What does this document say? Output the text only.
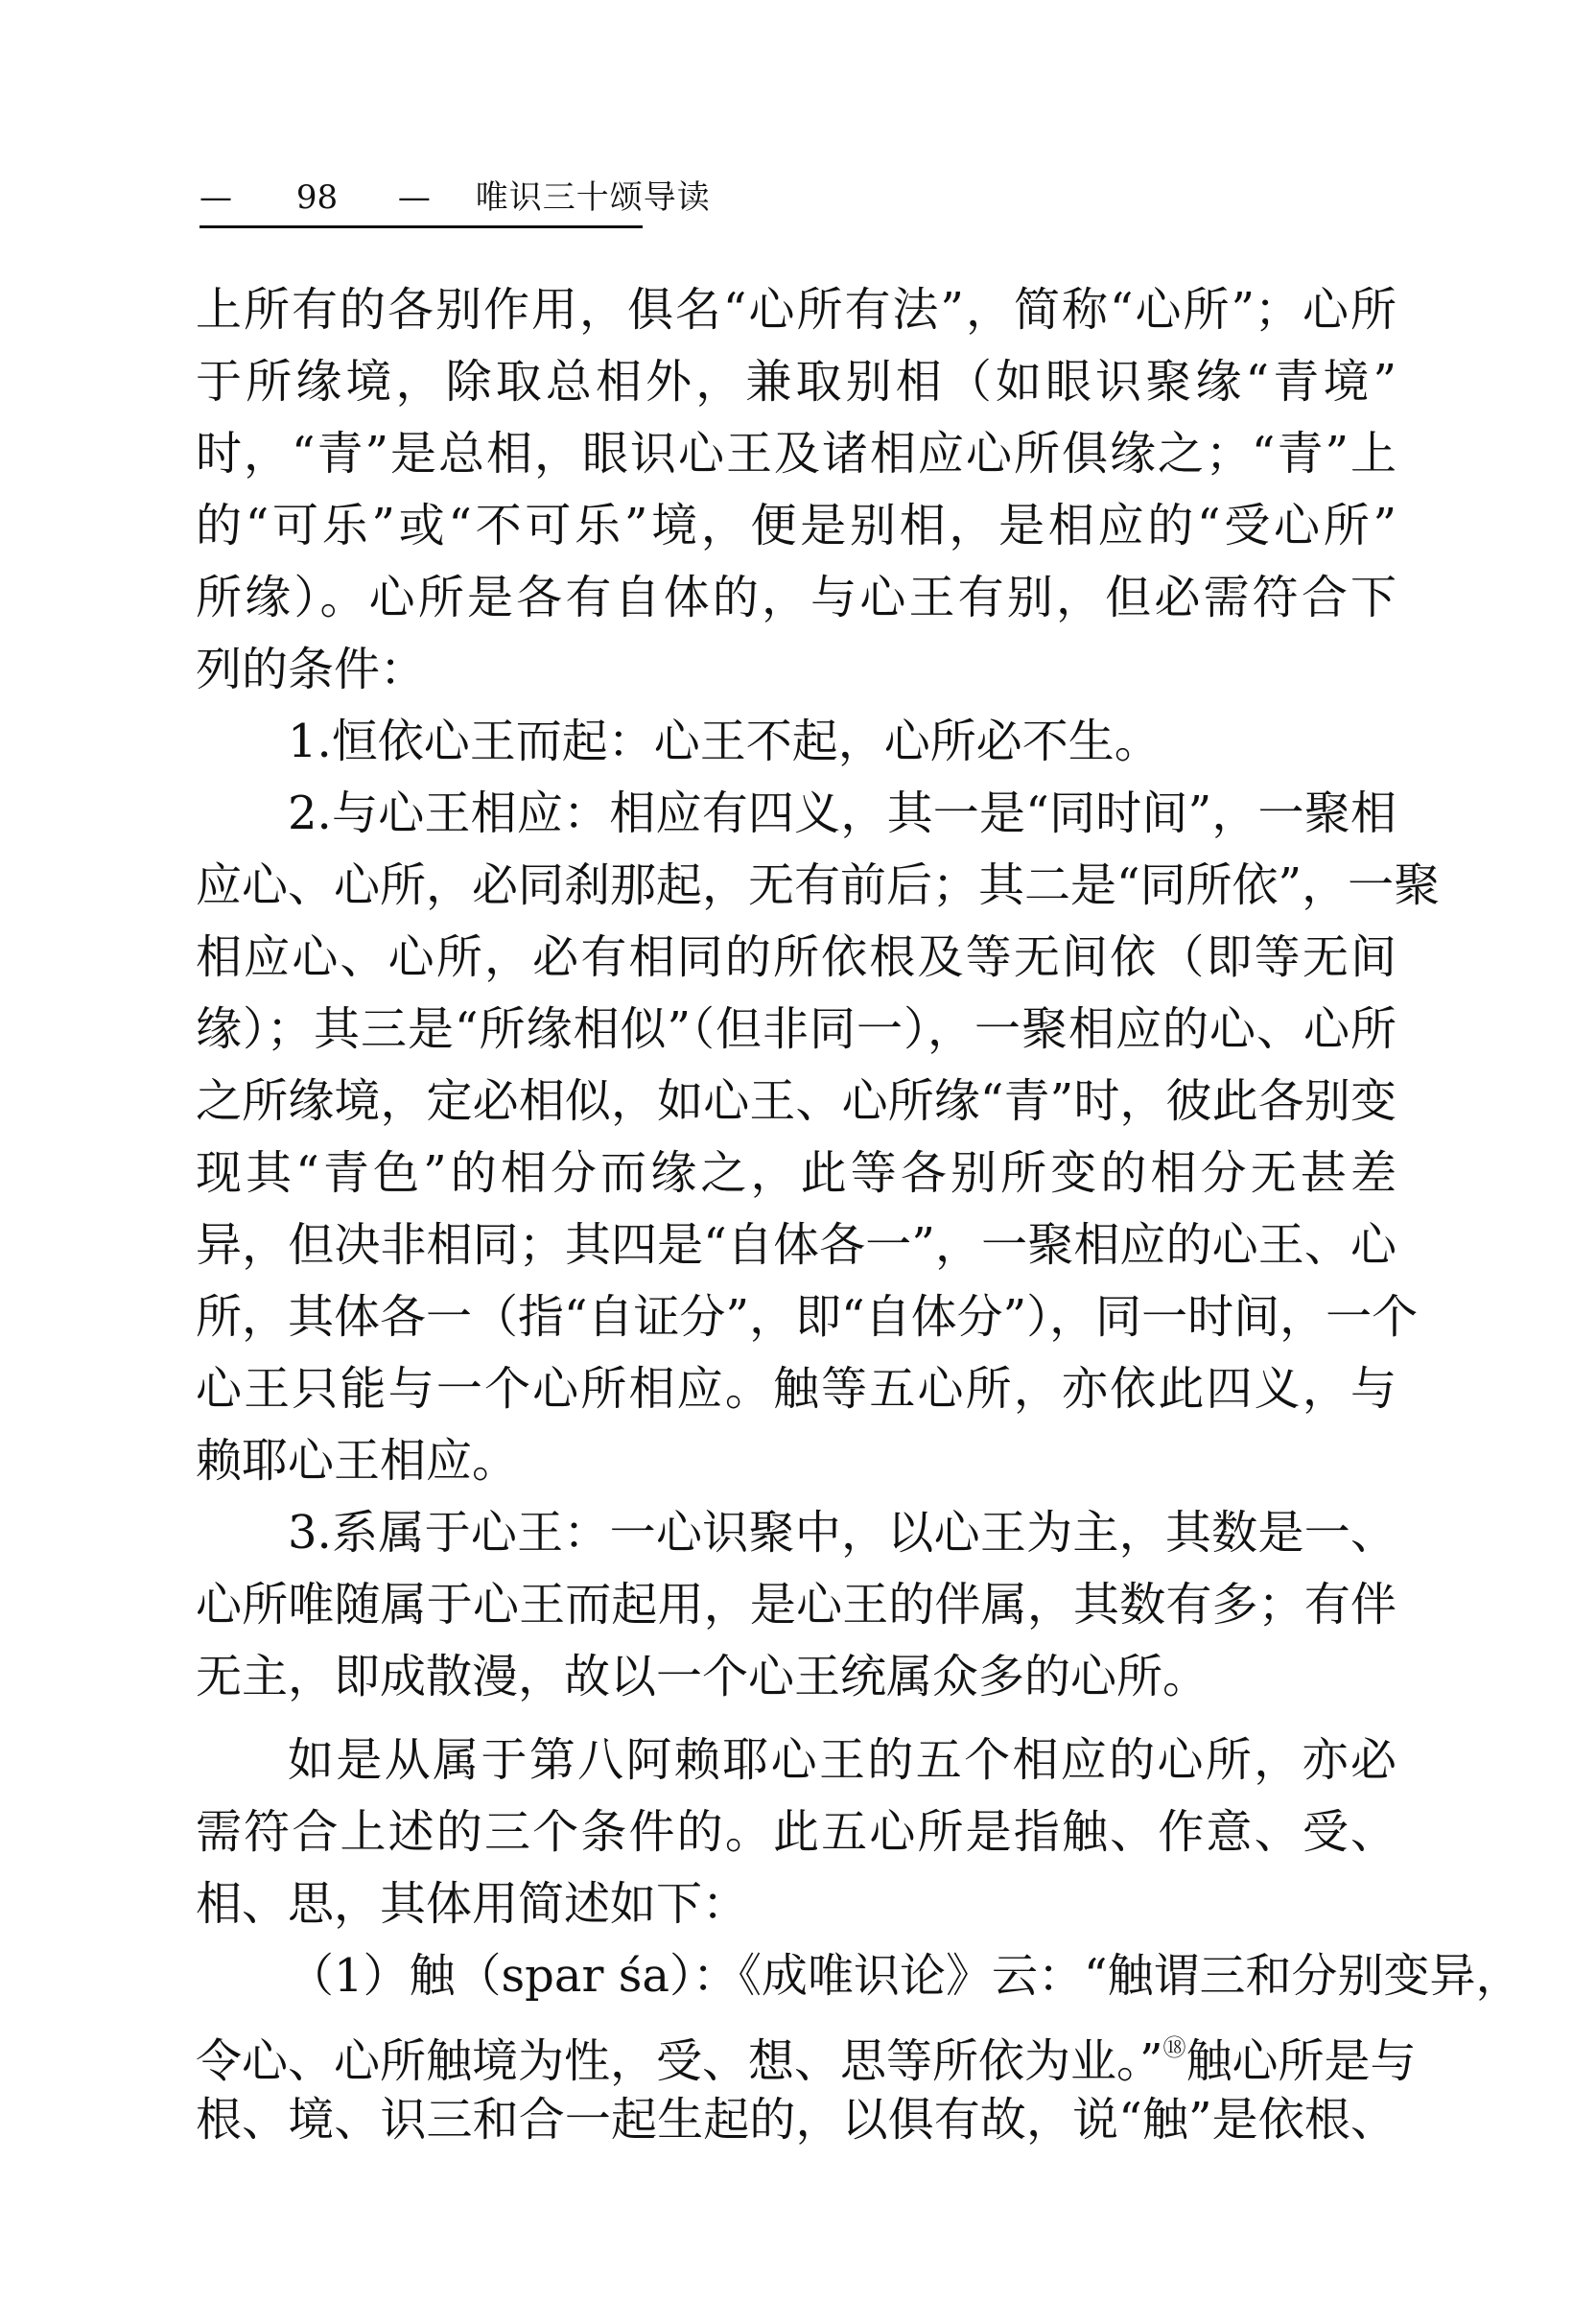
— 98 — 唯识三十颂导读
上所有的各别作用，俱名“心所有法”，简称“心所”；心所
于所缘境，除取总相外，兼取别相（如眼识聚缘“青境”
时，“青”是总相，眼识心王及诸相应心所俱缘之；“青”上
的“可乐”或“不可乐”境，便是别相，是相应的“受心所”
所缘）。心所是各有自体的，与心王有别，但必需符合下
列的条件：
1.恒依心王而起：心王不起，心所必不生。
2.与心王相应：相应有四义，其一是“同时间”，一聚相
应心、心所，必同刹那起，无有前后；其二是“同所依”，一聚
相应心、心所，必有相同的所依根及等无间依（即等无间
缘）；其三是“所缘相似”（但非同一），一聚相应的心、心所
之所缘境，定必相似，如心王、心所缘“青”时，彼此各别变
现其“青色”的相分而缘之，此等各别所变的相分无甚差
异，但决非相同；其四是“自体各一”，一聚相应的心王、心
所，其体各一（指“自证分”，即“自体分”），同一时间，一个
心王只能与一个心所相应。触等五心所，亦依此四义，与
赖耶心王相应。
3.系属于心王：一心识聚中，以心王为主，其数是一、
心所唯随属于心王而起用，是心王的伴属，其数有多；有伴
无主，即成散漫，故以一个心王统属众多的心所。
如是从属于第八阿赖耶心王的五个相应的心所，亦必
需符合上述的三个条件的。此五心所是指触、作意、受、
相、思，其体用简述如下：
（1）触（spar śa）：《成唯识论》云：“触谓三和分别变异，
令心、心所触境为性，受、想、思等所依为业。”⑱触心所是与
根、境、识三和合一起生起的，以俱有故，说“触”是依根、
